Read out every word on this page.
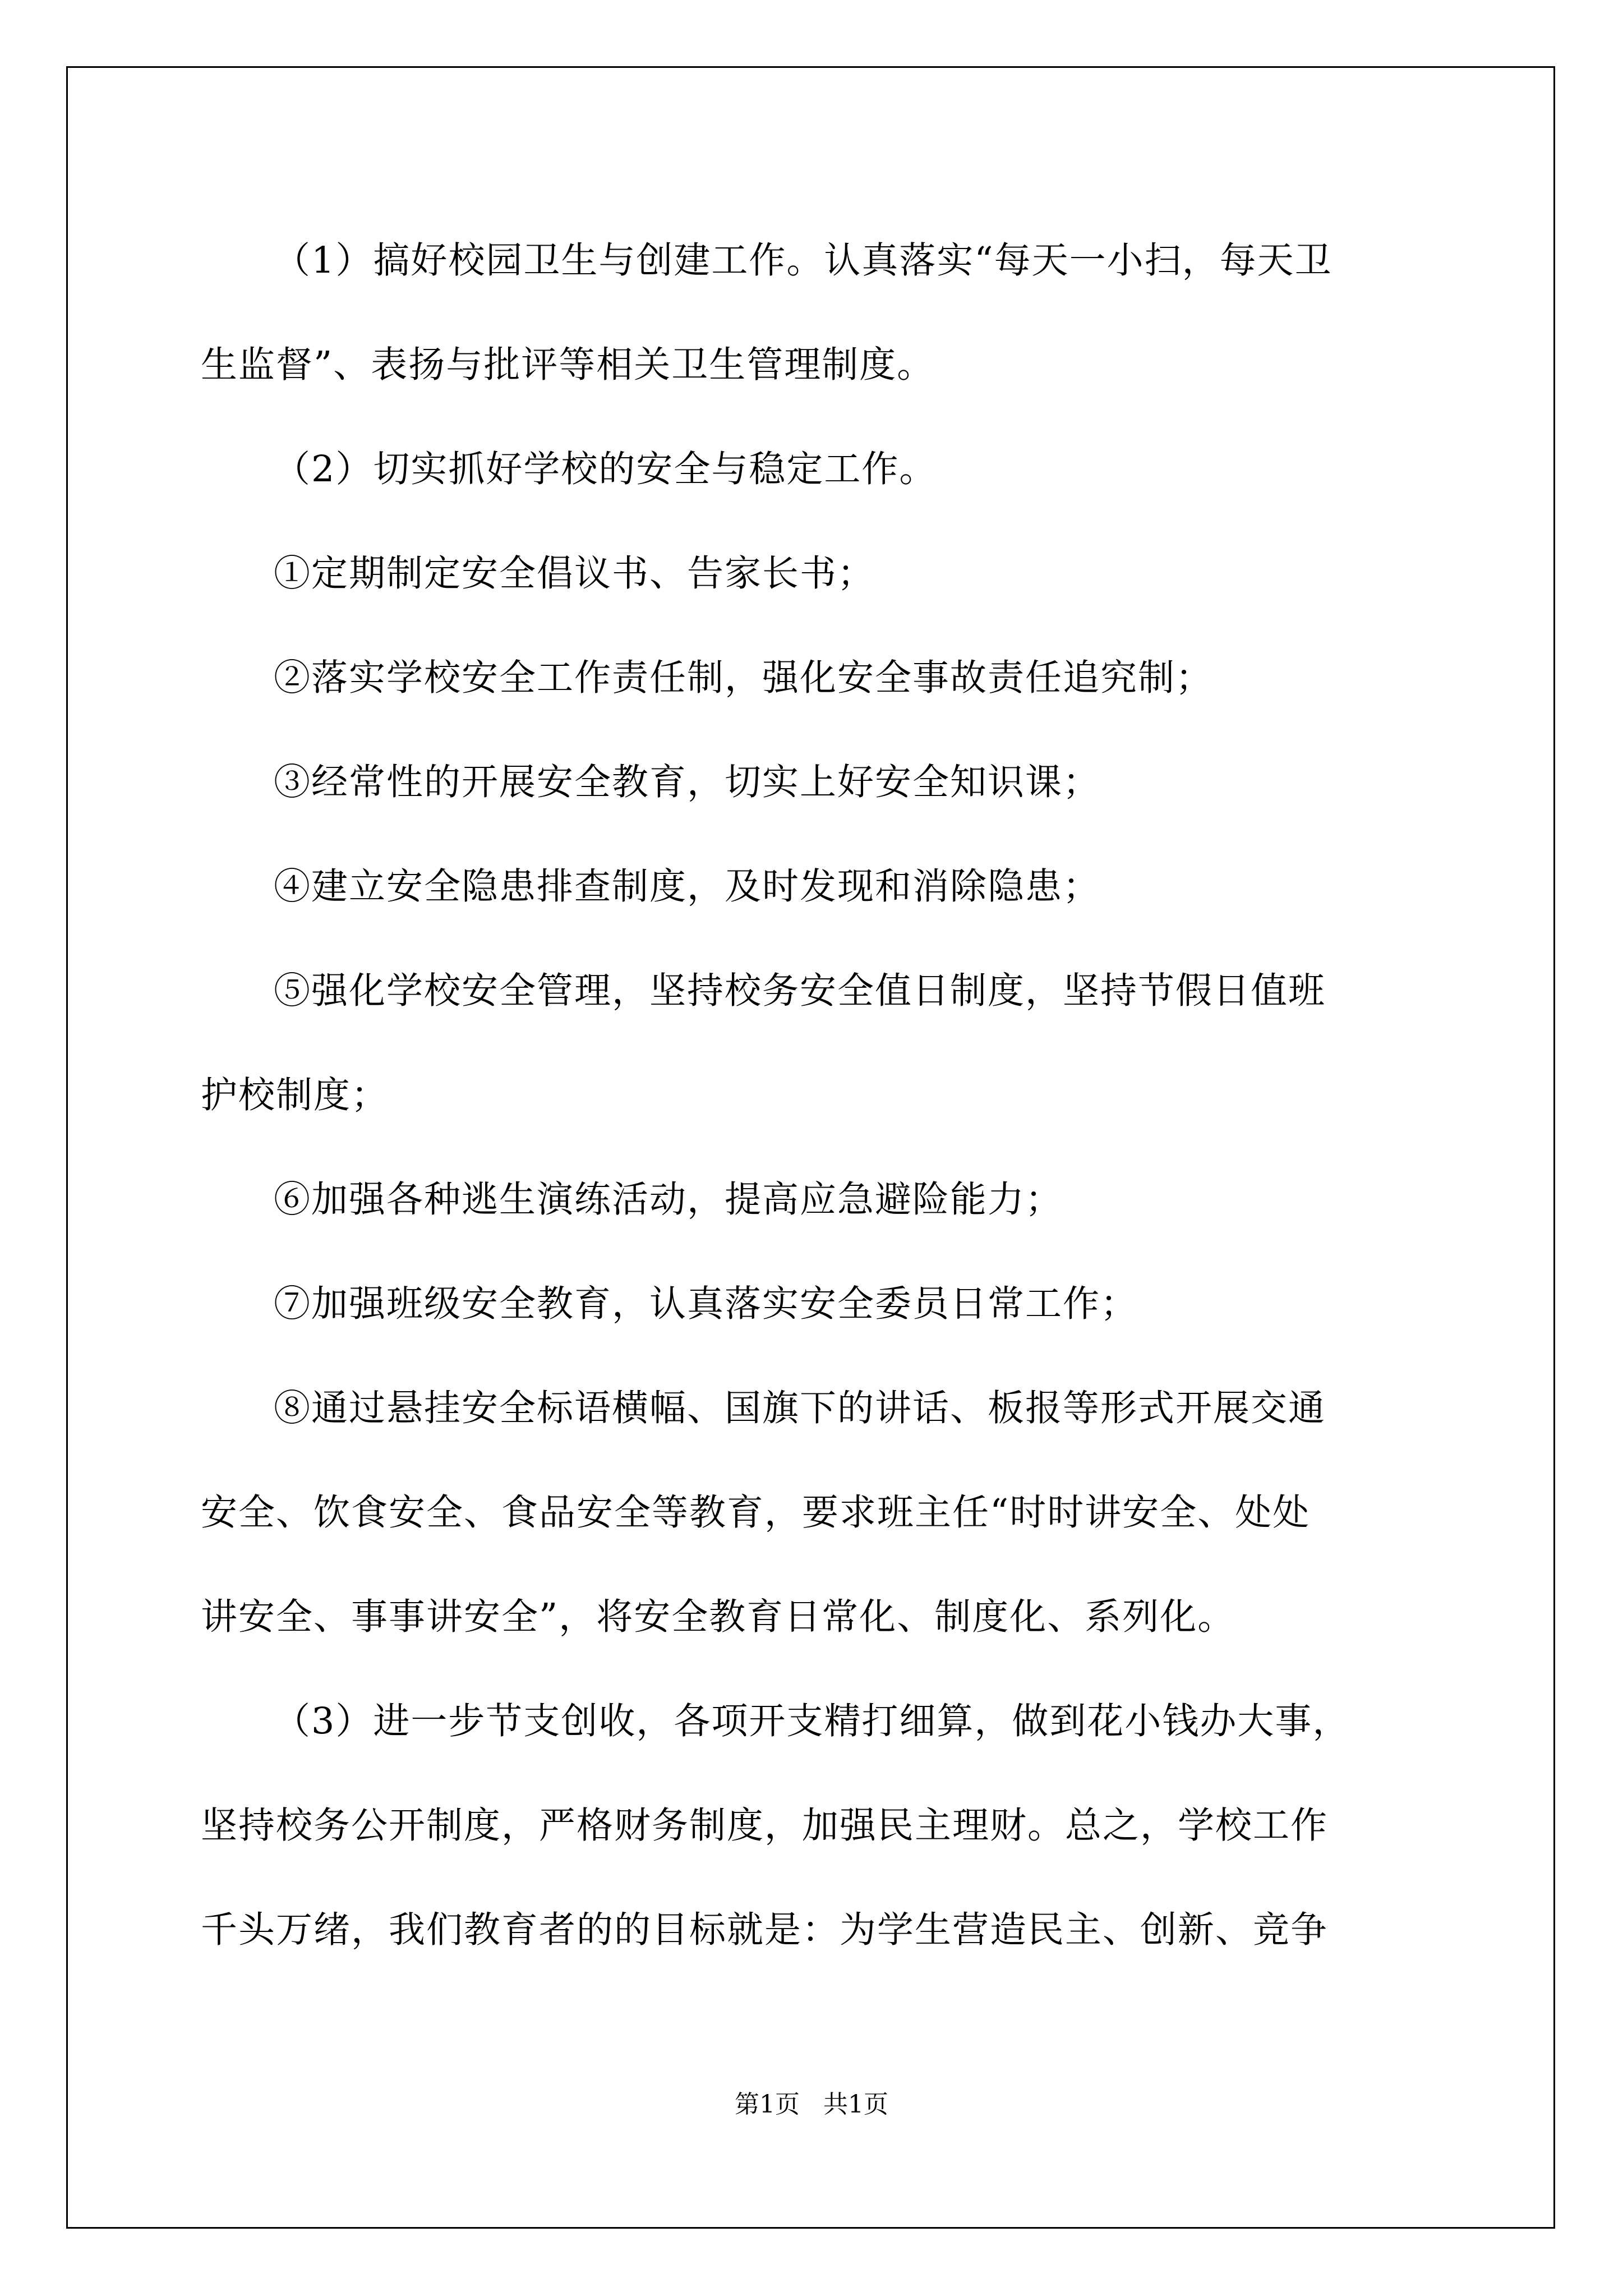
（1）搞好校园卫生与创建工作。认真落实“每天一小扫，每天卫
生监督”、表扬与批评等相关卫生管理制度。
（2）切实抓好学校的安全与稳定工作。
①定期制定安全倡议书、告家长书；
②落实学校安全工作责任制，强化安全事故责任追究制；
③经常性的开展安全教育，切实上好安全知识课；
④建立安全隐患排查制度，及时发现和消除隐患；
⑤强化学校安全管理，坚持校务安全值日制度，坚持节假日值班
护校制度；
⑥加强各种逃生演练活动，提高应急避险能力；
⑦加强班级安全教育，认真落实安全委员日常工作；
⑧通过悬挂安全标语横幅、国旗下的讲话、板报等形式开展交通
安全、饮食安全、食品安全等教育，要求班主任“时时讲安全、处处
讲安全、事事讲安全”，将安全教育日常化、制度化、系列化。
（3）进一步节支创收，各项开支精打细算，做到花小钱办大事，
坚持校务公开制度，严格财务制度，加强民主理财。总之，学校工作
千头万绪，我们教育者的的目标就是：为学生营造民主、创新、竞争
第1页   共1页
